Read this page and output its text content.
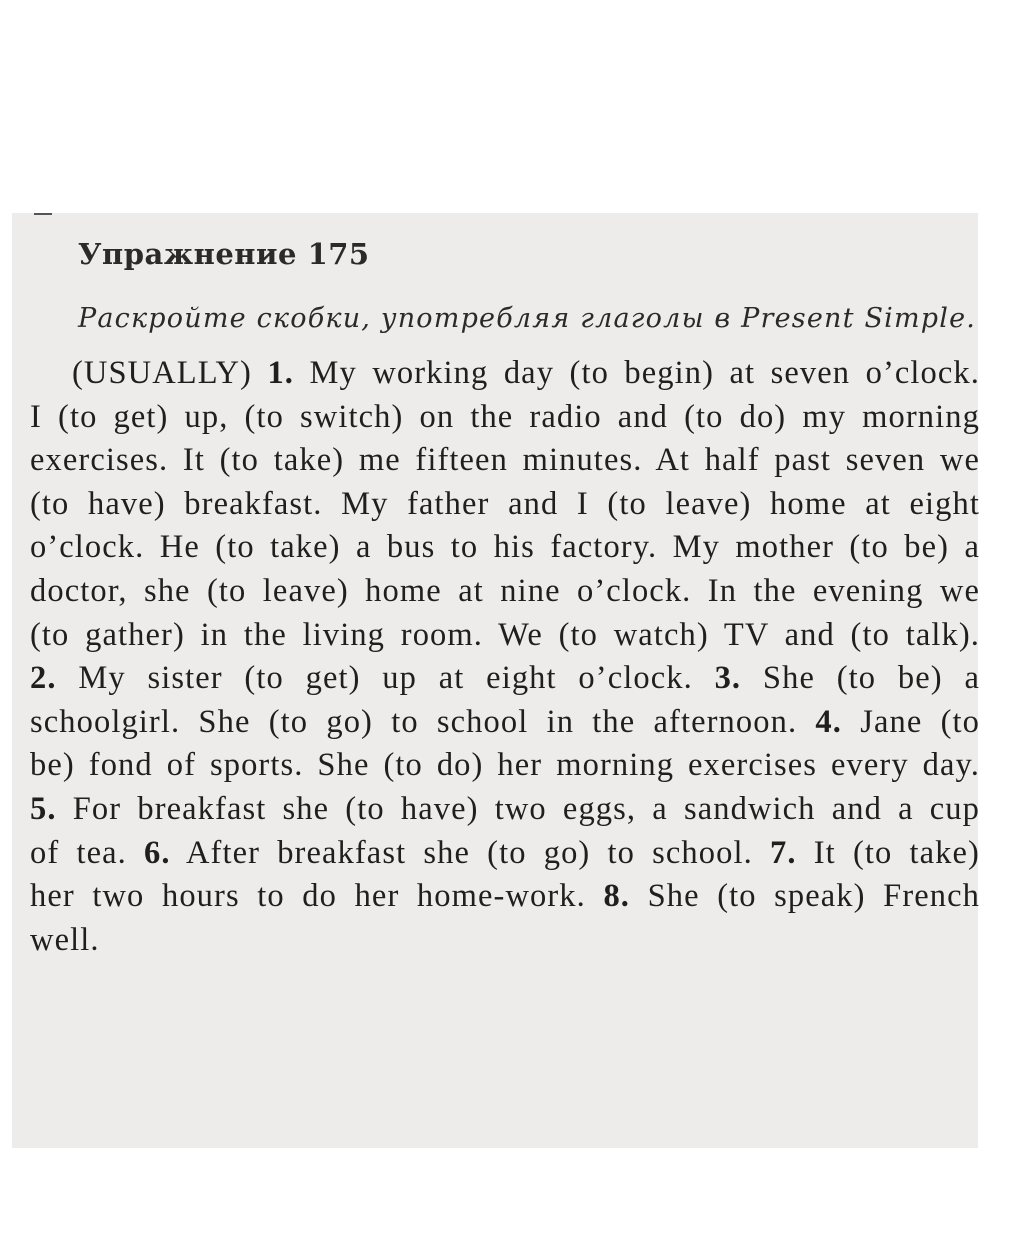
Упражнение 175
Раскройте скобки, употребляя глаголы в Present Simple.
(USUALLY) 1. My working day (to begin) at seven o’clock. I (to get) up, (to switch) on the radio and (to do) my morning exercises. It (to take) me fifteen minutes. At half past seven we (to have) breakfast. My father and I (to leave) home at eight o’clock. He (to take) a bus to his factory. My mother (to be) a doctor, she (to leave) home at nine o’clock. In the evening we (to gather) in the living room. We (to watch) TV and (to talk). 2. My sister (to get) up at eight o’clock. 3. She (to be) a schoolgirl. She (to go) to school in the afternoon. 4. Jane (to be) fond of sports. She (to do) her morning exercises every day. 5. For breakfast she (to have) two eggs, a sandwich and a cup of tea. 6. After breakfast she (to go) to school. 7. It (to take) her two hours to do her home-work. 8. She (to speak) French well.
